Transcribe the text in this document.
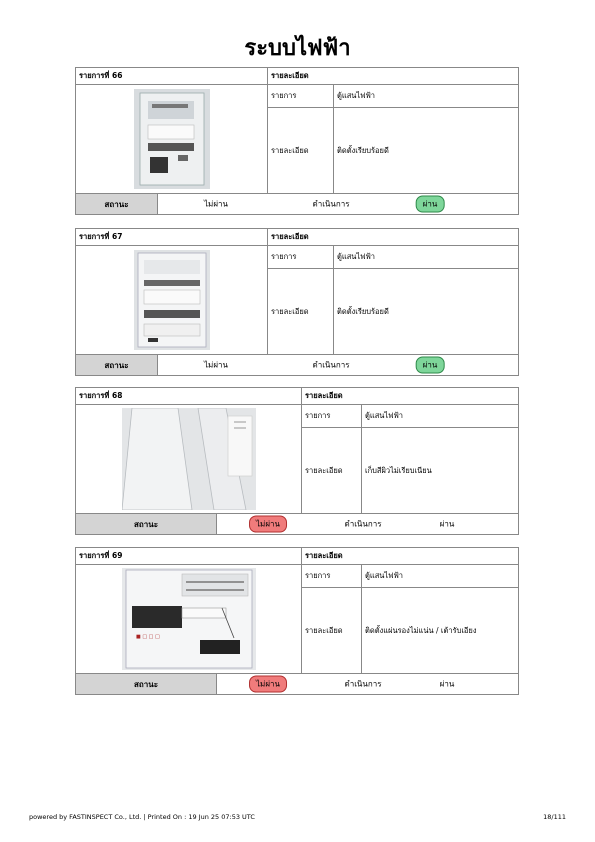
ระบบไฟฟ้า
รายการที่ 66	รายละเอียด
รายการ	ตู้แสนไฟฟ้า
รายละเอียด	ติดตั้งเรียบร้อยดี
สถานะ	ไม่ผ่าน	ดำเนินการ	ผ่าน
รายการที่ 67	รายละเอียด
รายการ	ตู้แสนไฟฟ้า
รายละเอียด	ติดตั้งเรียบร้อยดี
สถานะ	ไม่ผ่าน	ดำเนินการ	ผ่าน
รายการที่ 68	รายละเอียด
รายการ	ตู้แสนไฟฟ้า
รายละเอียด	เก็บสีผิวไม่เรียบเนียน
สถานะ	ไม่ผ่าน	ดำเนินการ	ผ่าน
รายการที่ 69	รายละเอียด
■ □ □ □
รายการ	ตู้แสนไฟฟ้า
รายละเอียด	ติดตั้งแผ่นรองไม่แน่น / เต้ารับเอียง
สถานะ	ไม่ผ่าน	ดำเนินการ	ผ่าน
powered by FASTINSPECT Co., Ltd. | Printed On : 19 Jun 25 07:53 UTC	18/111
